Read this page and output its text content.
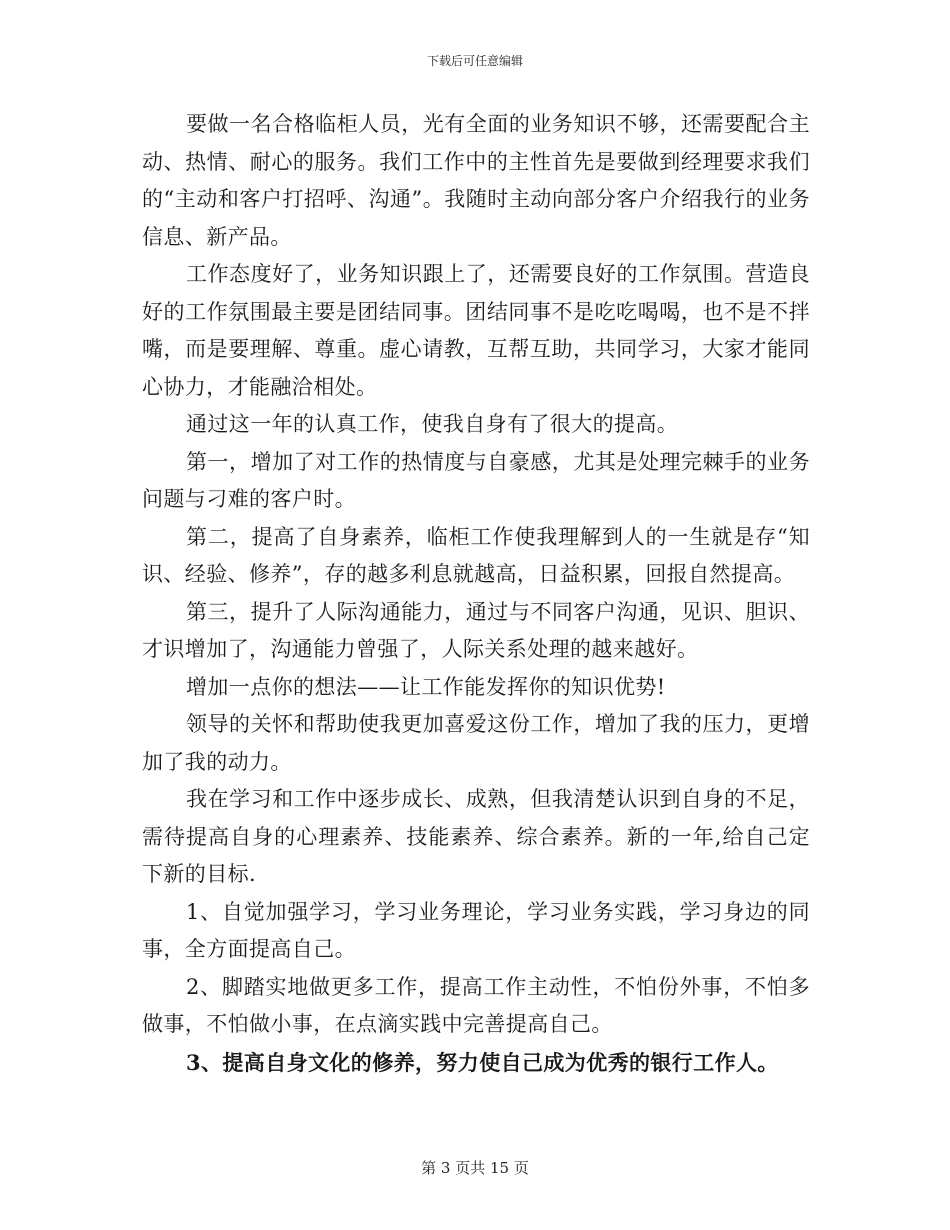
下载后可任意编辑

要做一名合格临柜人员，光有全面的业务知识不够，还需要配合主动、热情、耐心的服务。我们工作中的主性首先是要做到经理要求我们的“主动和客户打招呼、沟通”。我随时主动向部分客户介绍我行的业务信息、新产品。

工作态度好了，业务知识跟上了，还需要良好的工作氛围。营造良好的工作氛围最主要是团结同事。团结同事不是吃吃喝喝，也不是不拌嘴，而是要理解、尊重。虚心请教，互帮互助，共同学习，大家才能同心协力，才能融洽相处。

通过这一年的认真工作，使我自身有了很大的提高。

第一，增加了对工作的热情度与自豪感，尤其是处理完棘手的业务问题与刁难的客户时。

第二，提高了自身素养，临柜工作使我理解到人的一生就是存“知识、经验、修养”，存的越多利息就越高，日益积累，回报自然提高。

第三，提升了人际沟通能力，通过与不同客户沟通，见识、胆识、才识增加了，沟通能力曾强了，人际关系处理的越来越好。

增加一点你的想法——让工作能发挥你的知识优势!

领导的关怀和帮助使我更加喜爱这份工作，增加了我的压力，更增加了我的动力。

我在学习和工作中逐步成长、成熟，但我清楚认识到自身的不足，需待提高自身的心理素养、技能素养、综合素养。新的一年,给自己定下新的目标.

1、自觉加强学习，学习业务理论，学习业务实践，学习身边的同事，全方面提高自己。

2、脚踏实地做更多工作，提高工作主动性，不怕份外事，不怕多做事，不怕做小事，在点滴实践中完善提高自己。

3、提高自身文化的修养，努力使自己成为优秀的银行工作人。

第 3 页共 15 页
